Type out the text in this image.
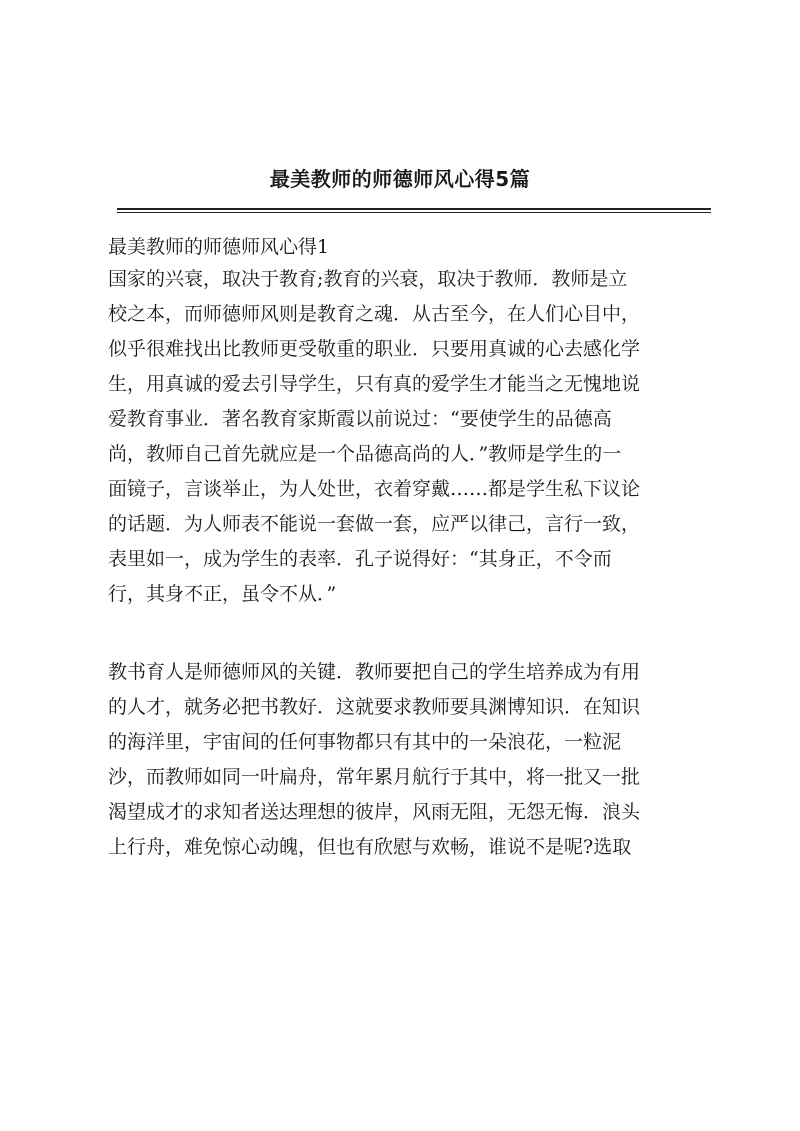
最美教师的师德师风心得5篇

最美教师的师德师风心得1

国家的兴衰，取决于教育;教育的兴衰，取决于教师．教师是立
校之本，而师德师风则是教育之魂．从古至今，在人们心目中，
似乎很难找出比教师更受敬重的职业．只要用真诚的心去感化学
生，用真诚的爱去引导学生，只有真的爱学生才能当之无愧地说
爱教育事业．著名教育家斯霞以前说过：“要使学生的品德高
尚，教师自己首先就应是一个品德高尚的人．”教师是学生的一
面镜子，言谈举止，为人处世，衣着穿戴……都是学生私下议论
的话题．为人师表不能说一套做一套，应严以律己，言行一致，
表里如一，成为学生的表率．孔子说得好：“其身正，不令而
行，其身不正，虽令不从．”
教书育人是师德师风的关键．教师要把自己的学生培养成为有用
的人才，就务必把书教好．这就要求教师要具渊博知识．在知识
的海洋里，宇宙间的任何事物都只有其中的一朵浪花，一粒泥
沙，而教师如同一叶扁舟，常年累月航行于其中，将一批又一批
渴望成才的求知者送达理想的彼岸，风雨无阻，无怨无悔．浪头
上行舟，难免惊心动魄，但也有欣慰与欢畅，谁说不是呢?选取
